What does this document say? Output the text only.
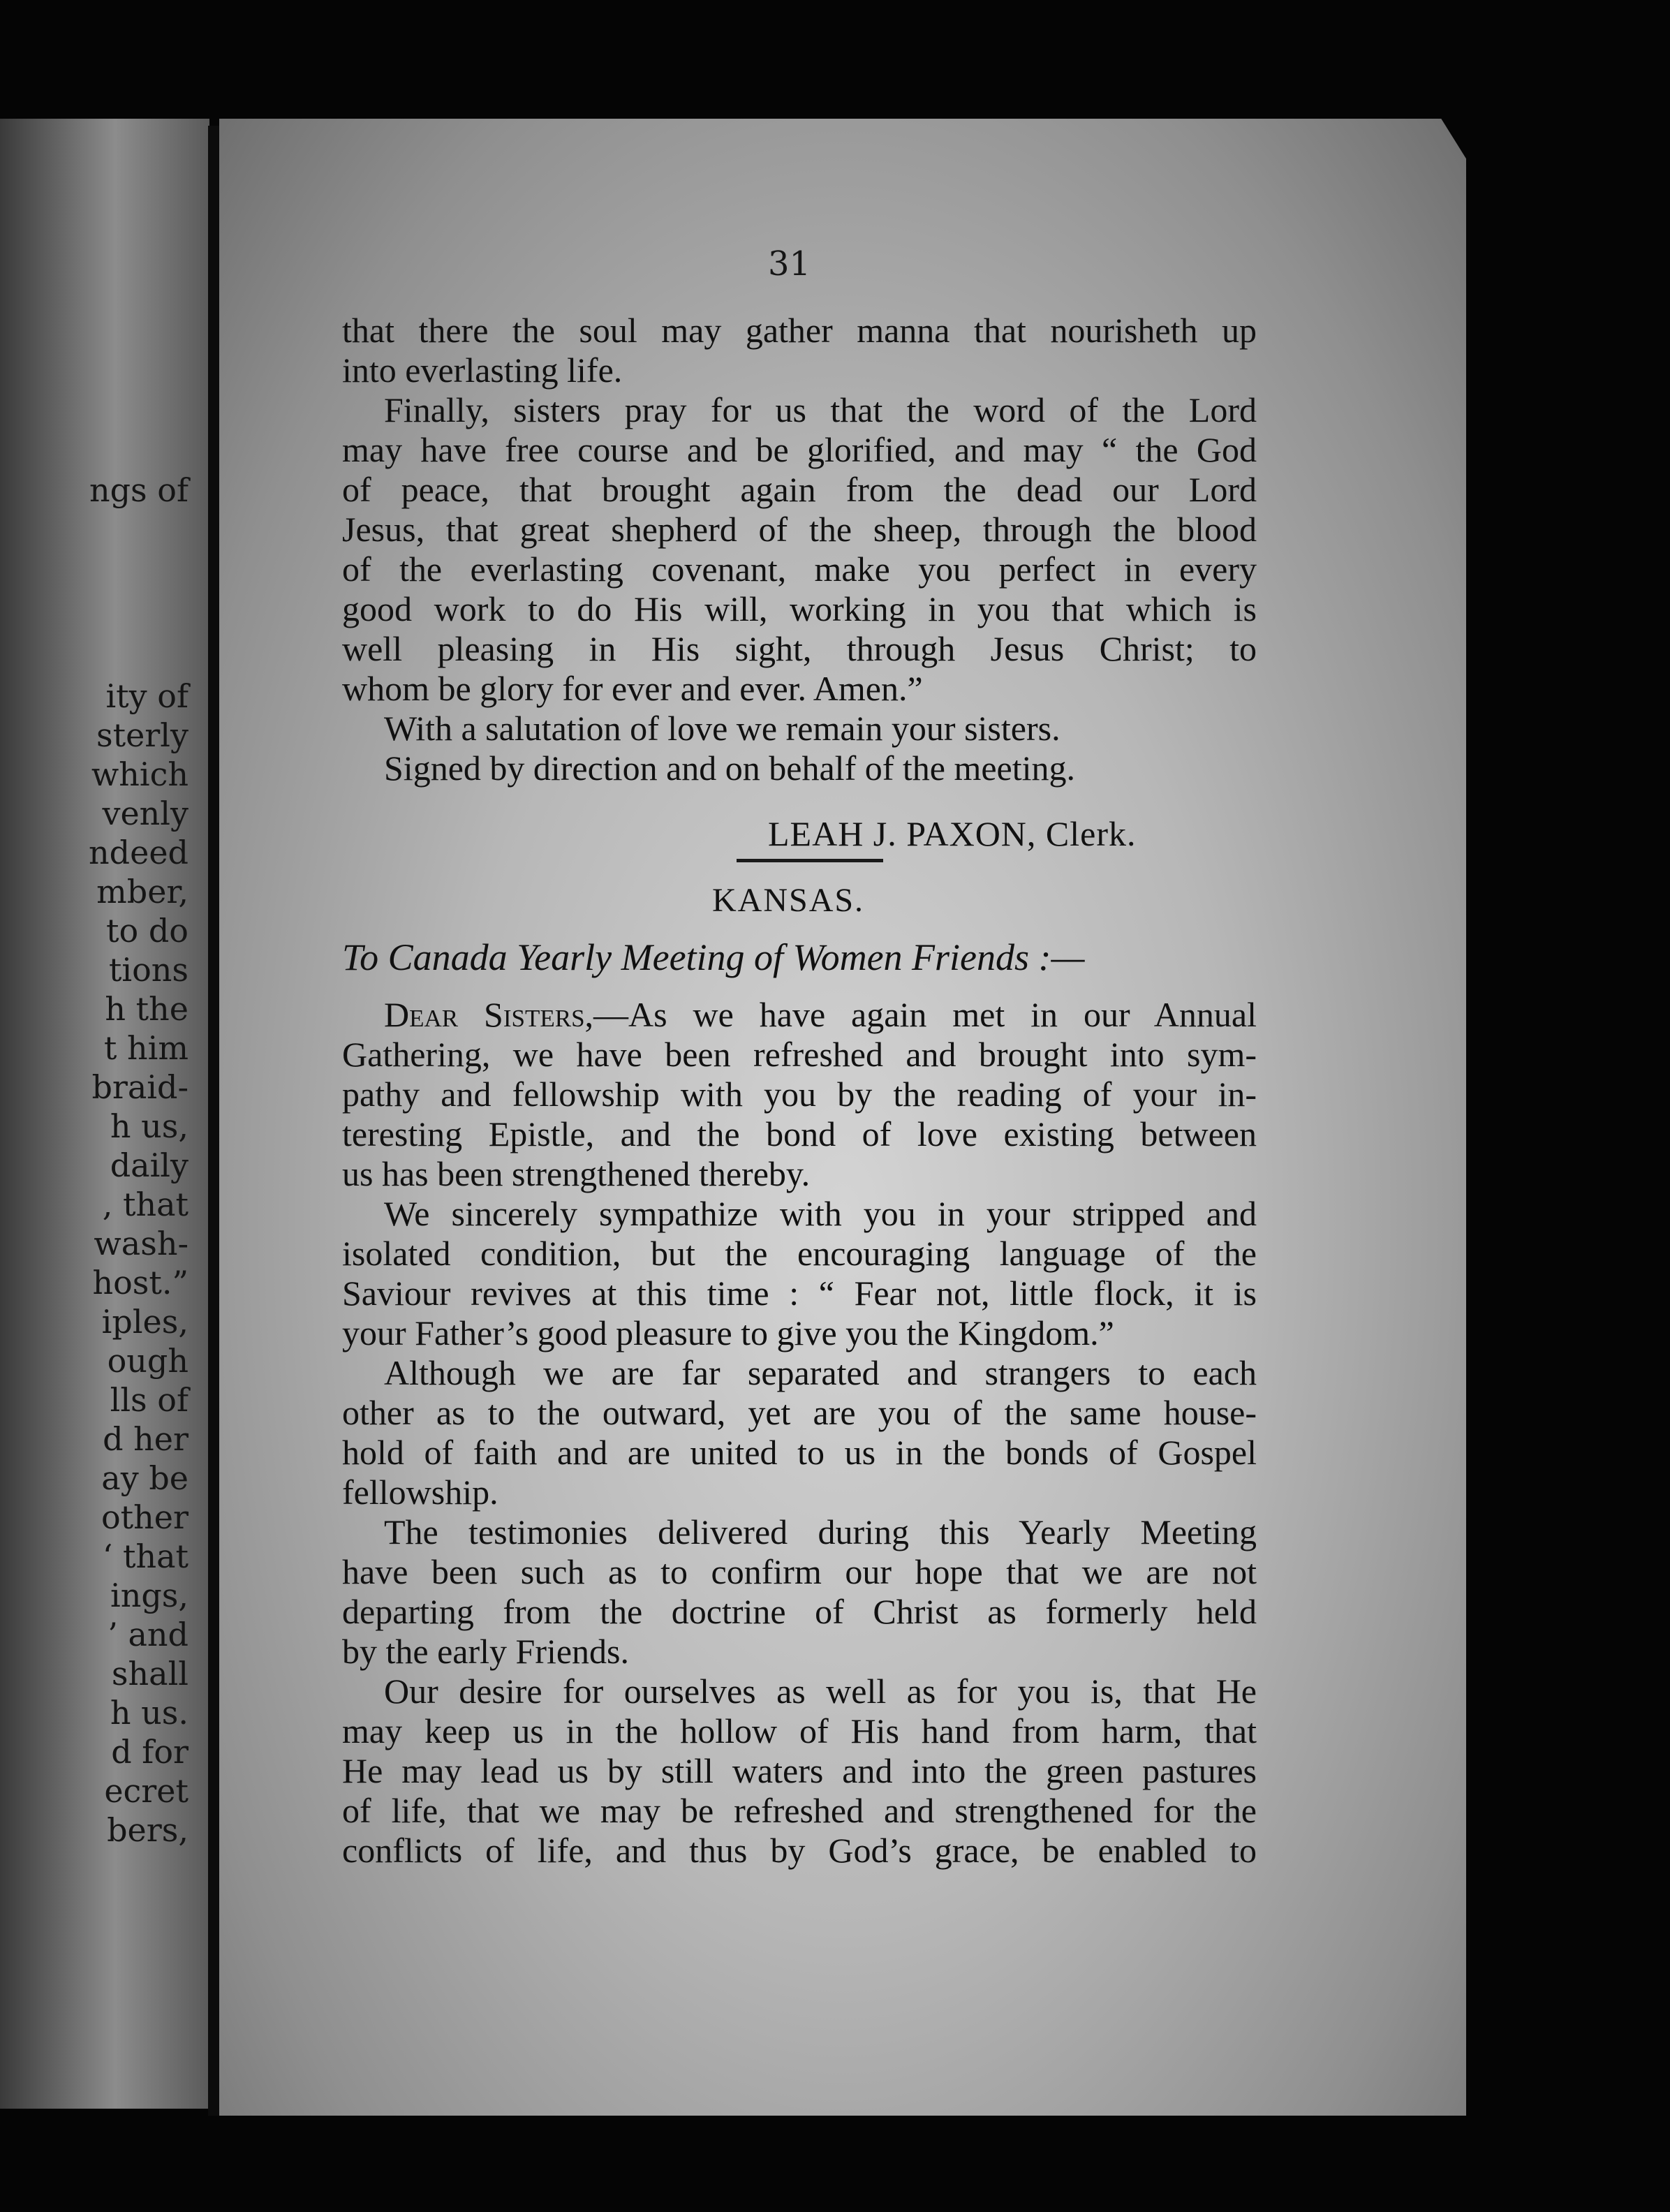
ngs of
ity of
sterly
which
venly
ndeed
mber,
to do
tions
h the
t him
braid-
h us,
daily
, that
wash-
host.”
iples,
ough
lls of
d her
ay be
other
‘ that
ings,
’ and
shall
h us.
d for
ecret
bers,
31
that there the soul may gather manna that nourisheth up
into everlasting life.
Finally, sisters pray for us that the word of the Lord
may have free course and be glorified, and may “ the God
of peace, that brought again from the dead our Lord
Jesus, that great shepherd of the sheep, through the blood
of the everlasting covenant, make you perfect in every
good work to do His will, working in you that which is
well pleasing in His sight, through Jesus Christ; to
whom be glory for ever and ever. Amen.”
With a salutation of love we remain your sisters.
Signed by direction and on behalf of the meeting.
LEAH J. PAXON, Clerk.
KANSAS.
To Canada Yearly Meeting of Women Friends :—
Dear Sisters,—As we have again met in our Annual
Gathering, we have been refreshed and brought into sym-
pathy and fellowship with you by the reading of your in-
teresting Epistle, and the bond of love existing between
us has been strengthened thereby.
We sincerely sympathize with you in your stripped and
isolated condition, but the encouraging language of the
Saviour revives at this time : “ Fear not, little flock, it is
your Father’s good pleasure to give you the Kingdom.”
Although we are far separated and strangers to each
other as to the outward, yet are you of the same house-
hold of faith and are united to us in the bonds of Gospel
fellowship.
The testimonies delivered during this Yearly Meeting
have been such as to confirm our hope that we are not
departing from the doctrine of Christ as formerly held
by the early Friends.
Our desire for ourselves as well as for you is, that He
may keep us in the hollow of His hand from harm, that
He may lead us by still waters and into the green pastures
of life, that we may be refreshed and strengthened for the
conflicts of life, and thus by God’s grace, be enabled to
